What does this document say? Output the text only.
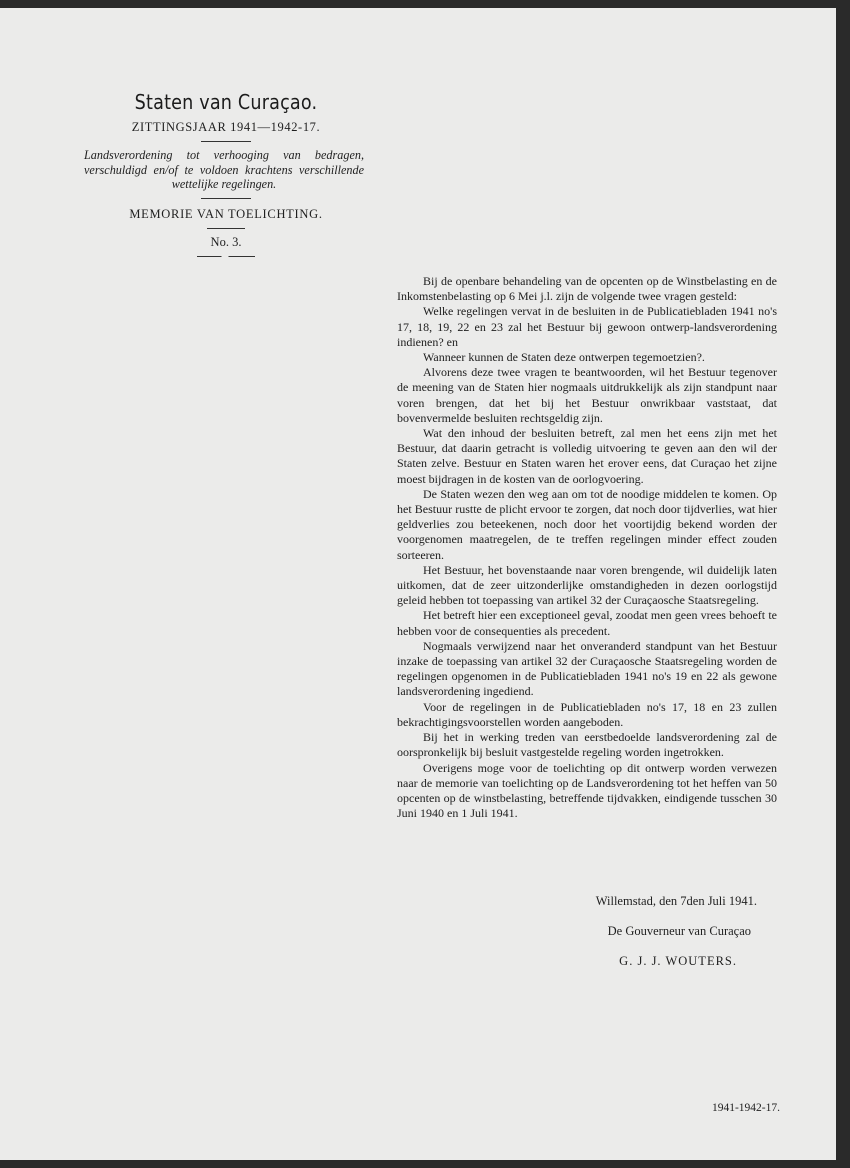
Staten van Curaçao.
ZITTINGSJAAR 1941—1942-17.
Landsverordening tot verhooging van bedragen, verschuldigd en/of te voldoen krachtens verschillende wettelijke regelingen.
MEMORIE VAN TOELICHTING.
No. 3.

Bij de openbare behandeling van de opcenten op de Winstbelasting en de Inkomstenbelasting op 6 Mei j.l. zijn de volgende twee vragen gesteld:

Welke regelingen vervat in de besluiten in de Publicatiebladen 1941 no's 17, 18, 19, 22 en 23 zal het Bestuur bij gewoon ontwerp-landsverordening indienen? en

Wanneer kunnen de Staten deze ontwerpen tegemoetzien?.

Alvorens deze twee vragen te beantwoorden, wil het Bestuur tegenover de meening van de Staten hier nogmaals uitdrukkelijk als zijn standpunt naar voren brengen, dat het bij het Bestuur onwrikbaar vaststaat, dat bovenvermelde besluiten rechtsgeldig zijn.

Wat den inhoud der besluiten betreft, zal men het eens zijn met het Bestuur, dat daarin getracht is volledig uitvoering te geven aan den wil der Staten zelve. Bestuur en Staten waren het erover eens, dat Curaçao het zijne moest bijdragen in de kosten van de oorlogvoering.

De Staten wezen den weg aan om tot de noodige middelen te komen. Op het Bestuur rustte de plicht ervoor te zorgen, dat noch door tijdverlies, wat hier geldverlies zou beteekenen, noch door het voortijdig bekend worden der voorgenomen maatregelen, de te treffen regelingen minder effect zouden sorteeren.

Het Bestuur, het bovenstaande naar voren brengende, wil duidelijk laten uitkomen, dat de zeer uitzonderlijke omstandigheden in dezen oorlogstijd geleid hebben tot toepassing van artikel 32 der Curaçaosche Staatsregeling.

Het betreft hier een exceptioneel geval, zoodat men geen vrees behoeft te hebben voor de consequenties als precedent.

Nogmaals verwijzend naar het onveranderd standpunt van het Bestuur inzake de toepassing van artikel 32 der Curaçaosche Staatsregeling worden de regelingen opgenomen in de Publicatiebladen 1941 no's 19 en 22 als gewone landsverordening ingediend.

Voor de regelingen in de Publicatiebladen no's 17, 18 en 23 zullen bekrachtigingsvoorstellen worden aangeboden.

Bij het in werking treden van eerstbedoelde landsverordening zal de oorspronkelijk bij besluit vastgestelde regeling worden ingetrokken.

Overigens moge voor de toelichting op dit ontwerp worden verwezen naar de memorie van toelichting op de Landsverordening tot het heffen van 50 opcenten op de winstbelasting, betreffende tijdvakken, eindigende tusschen 30 Juni 1940 en 1 Juli 1941.

Willemstad, den 7den Juli 1941.
De Gouverneur van Curaçao
G. J. J. WOUTERS.
1941-1942-17.
